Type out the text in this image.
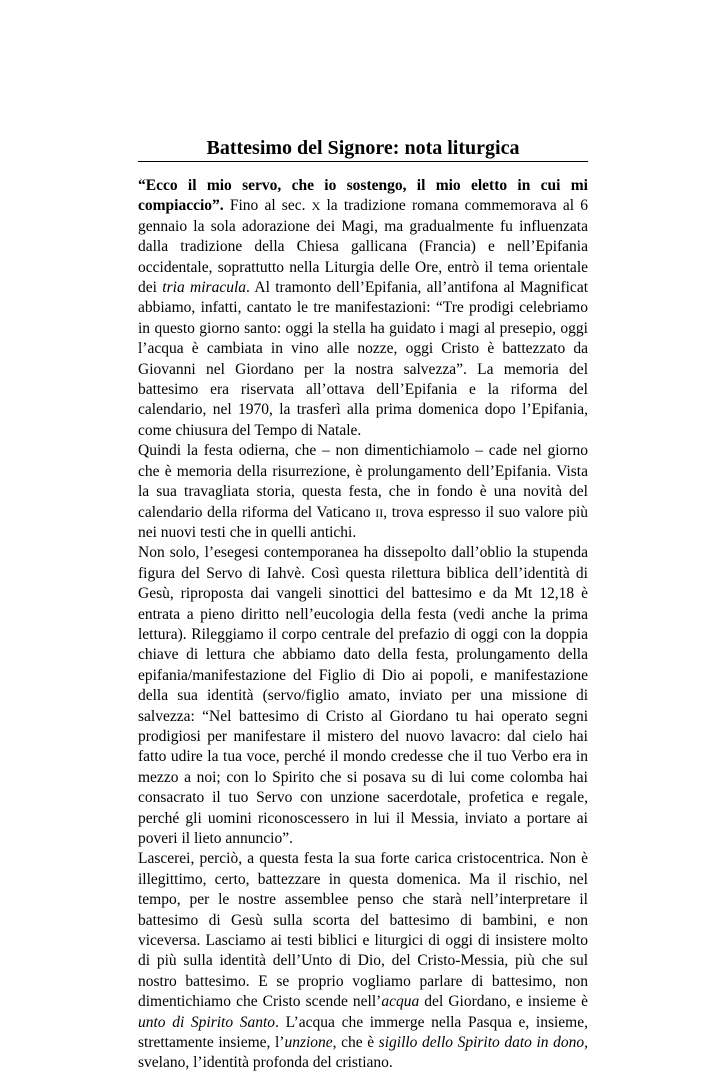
Battesimo del Signore: nota liturgica

“Ecco il mio servo, che io sostengo, il mio eletto in cui mi compiaccio”. Fino al sec. X la tradizione romana commemorava al 6 gennaio la sola adorazione dei Magi, ma gradualmente fu influenzata dalla tradizione della Chiesa gallicana (Francia) e nell’Epifania occidentale, soprattutto nella Liturgia delle Ore, entrò il tema orientale dei tria miracula. Al tramonto dell’Epifania, all’antifona al Magnificat abbiamo, infatti, cantato le tre manifestazioni: “Tre prodigi celebriamo in questo giorno santo: oggi la stella ha guidato i magi al presepio, oggi l’acqua è cambiata in vino alle nozze, oggi Cristo è battezzato da Giovanni nel Giordano per la nostra salvezza”. La memoria del battesimo era riservata all’ottava dell’Epifania e la riforma del calendario, nel 1970, la trasferì alla prima domenica dopo l’Epifania, come chiusura del Tempo di Natale.

Quindi la festa odierna, che – non dimentichiamolo – cade nel giorno che è memoria della risurrezione, è prolungamento dell’Epifania. Vista la sua travagliata storia, questa festa, che in fondo è una novità del calendario della riforma del Vaticano II, trova espresso il suo valore più nei nuovi testi che in quelli antichi.

Non solo, l’esegesi contemporanea ha dissepolto dall’oblio la stupenda figura del Servo di Iahvè. Così questa rilettura biblica dell’identità di Gesù, riproposta dai vangeli sinottici del battesimo e da Mt 12,18 è entrata a pieno diritto nell’eucologia della festa (vedi anche la prima lettura). Rileggiamo il corpo centrale del prefazio di oggi con la doppia chiave di lettura che abbiamo dato della festa, prolungamento della epifania/manifestazione del Figlio di Dio ai popoli, e manifestazione della sua identità (servo/figlio amato, inviato per una missione di salvezza: “Nel battesimo di Cristo al Giordano tu hai operato segni prodigiosi per manifestare il mistero del nuovo lavacro: dal cielo hai fatto udire la tua voce, perché il mondo credesse che il tuo Verbo era in mezzo a noi; con lo Spirito che si posava su di lui come colomba hai consacrato il tuo Servo con unzione sacerdotale, profetica e regale, perché gli uomini riconoscessero in lui il Messia, inviato a portare ai poveri il lieto annuncio”.

Lascerei, perciò, a questa festa la sua forte carica cristocentrica. Non è illegittimo, certo, battezzare in questa domenica. Ma il rischio, nel tempo, per le nostre assemblee penso che starà nell’interpretare il battesimo di Gesù sulla scorta del battesimo di bambini, e non viceversa. Lasciamo ai testi biblici e liturgici di oggi di insistere molto di più sulla identità dell’Unto di Dio, del Cristo-Messia, più che sul nostro battesimo. E se proprio vogliamo parlare di battesimo, non dimentichiamo che Cristo scende nell’acqua del Giordano, e insieme è unto di Spirito Santo. L’acqua che immerge nella Pasqua e, insieme, strettamente insieme, l’unzione, che è sigillo dello Spirito dato in dono, svelano, l’identità profonda del cristiano.
